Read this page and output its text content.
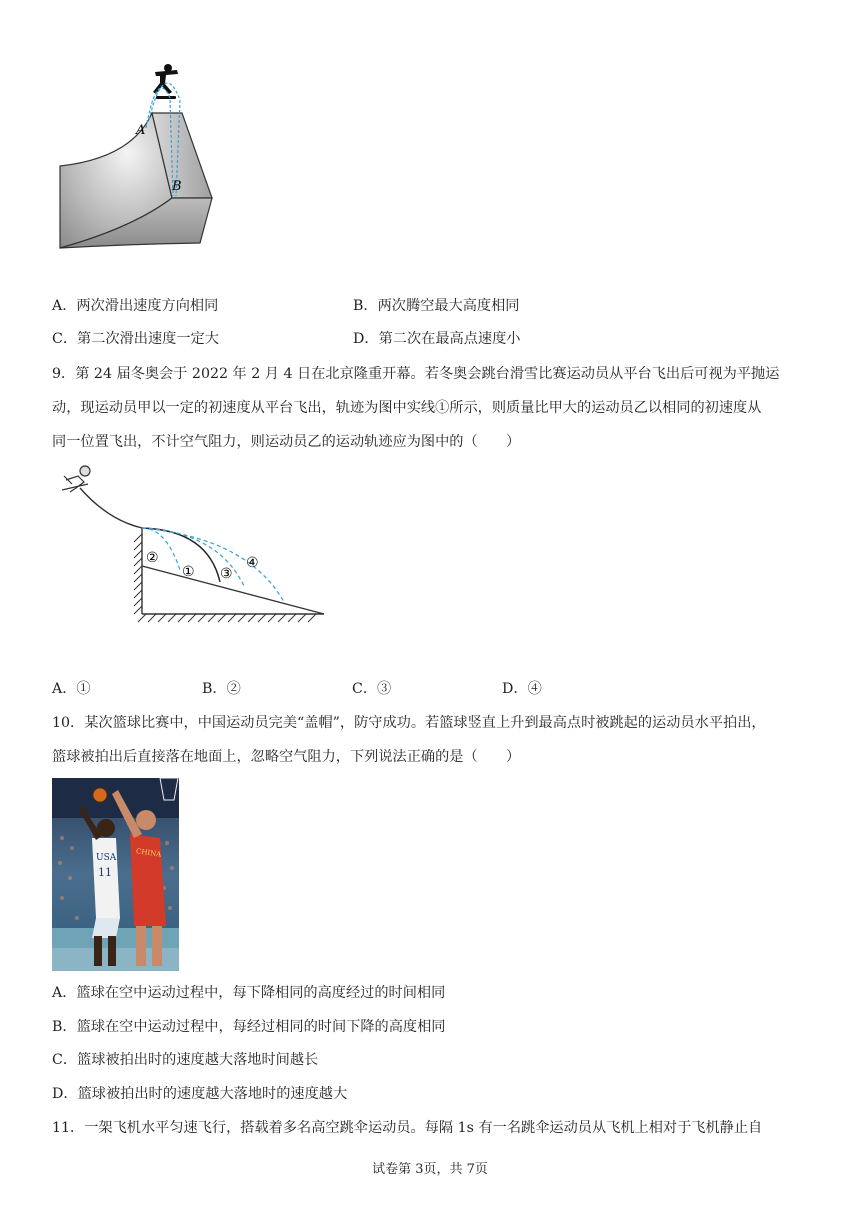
A
B
A．两次滑出速度方向相同	B．两次腾空最大高度相同
C．第二次滑出速度一定大	D．第二次在最高点速度小
9．第 24 届冬奥会于 2022 年 2 月 4 日在北京隆重开幕。若冬奥会跳台滑雪比赛运动员从平台飞出后可视为平抛运
动，现运动员甲以一定的初速度从平台飞出，轨迹为图中实线①所示，则质量比甲大的运动员乙以相同的初速度从
同一位置飞出，不计空气阻力，则运动员乙的运动轨迹应为图中的（　　）
②
① ③
④
A．①	B．②	C．③	D．④
10．某次篮球比赛中，中国运动员完美“盖帽”，防守成功。若篮球竖直上升到最高点时被跳起的运动员水平拍出，
篮球被拍出后直接落在地面上，忽略空气阻力，下列说法正确的是（　　）
USA
11
CHINA
A．篮球在空中运动过程中，每下降相同的高度经过的时间相同
B．篮球在空中运动过程中，每经过相同的时间下降的高度相同
C．篮球被拍出时的速度越大落地时间越长
D．篮球被拍出时的速度越大落地时的速度越大
11．一架飞机水平匀速飞行，搭载着多名高空跳伞运动员。每隔 1s 有一名跳伞运动员从飞机上相对于飞机静止自
试卷第 3页，共 7页
